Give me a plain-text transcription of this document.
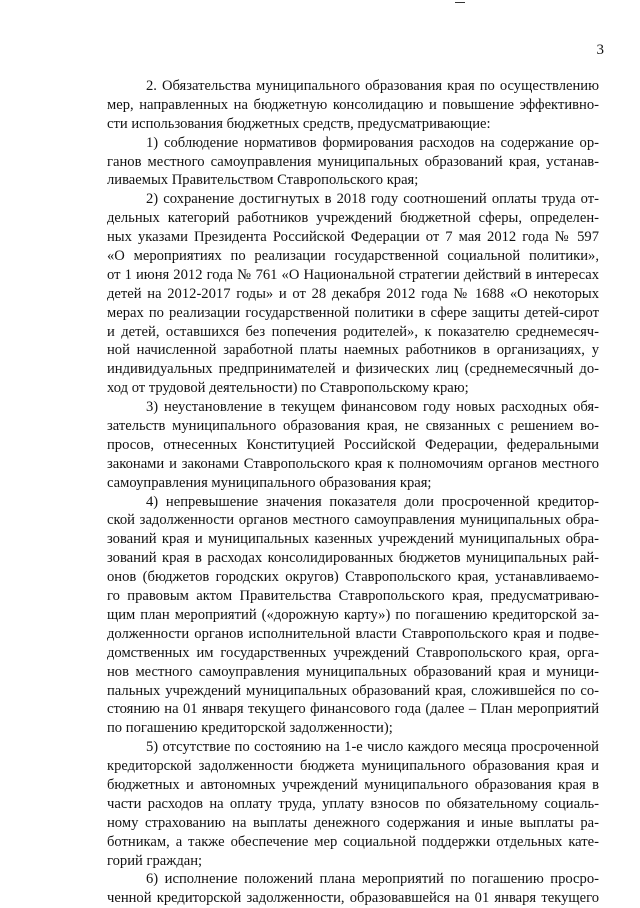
3
2. Обязательства муниципального образования края по осуществлению
мер, направленных на бюджетную консолидацию и повышение эффективно-
сти использования бюджетных средств, предусматривающие:
1) соблюдение нормативов формирования расходов на содержание ор-
ганов местного самоуправления муниципальных образований края, устанав-
ливаемых Правительством Ставропольского края;
2) сохранение достигнутых в 2018 году соотношений оплаты труда от-
дельных категорий работников учреждений бюджетной сферы, определен-
ных указами Президента Российской Федерации от 7 мая 2012 года № 597
«О мероприятиях по реализации государственной социальной политики»,
от 1 июня 2012 года № 761 «О Национальной стратегии действий в интересах
детей на 2012-2017 годы» и от 28 декабря 2012 года № 1688 «О некоторых
мерах по реализации государственной политики в сфере защиты детей-сирот
и детей, оставшихся без попечения родителей», к показателю среднемесяч-
ной начисленной заработной платы наемных работников в организациях, у
индивидуальных предпринимателей и физических лиц (среднемесячный до-
ход от трудовой деятельности) по Ставропольскому краю;
3) неустановление в текущем финансовом году новых расходных обя-
зательств муниципального образования края, не связанных с решением во-
просов, отнесенных Конституцией Российской Федерации, федеральными
законами и законами Ставропольского края к полномочиям органов местного
самоуправления муниципального образования края;
4) непревышение значения показателя доли просроченной кредитор-
ской задолженности органов местного самоуправления муниципальных обра-
зований края и муниципальных казенных учреждений муниципальных обра-
зований края в расходах консолидированных бюджетов муниципальных рай-
онов (бюджетов городских округов) Ставропольского края, устанавливаемо-
го правовым актом Правительства Ставропольского края, предусматриваю-
щим план мероприятий («дорожную карту») по погашению кредиторской за-
долженности органов исполнительной власти Ставропольского края и подве-
домственных им государственных учреждений Ставропольского края, орга-
нов местного самоуправления муниципальных образований края и муници-
пальных учреждений муниципальных образований края, сложившейся по со-
стоянию на 01 января текущего финансового года (далее – План мероприятий
по погашению кредиторской задолженности);
5) отсутствие по состоянию на 1-е число каждого месяца просроченной
кредиторской задолженности бюджета муниципального образования края и
бюджетных и автономных учреждений муниципального образования края в
части расходов на оплату труда, уплату взносов по обязательному социаль-
ному страхованию на выплаты денежного содержания и иные выплаты ра-
ботникам, а также обеспечение мер социальной поддержки отдельных кате-
горий граждан;
6) исполнение положений плана мероприятий по погашению просро-
ченной кредиторской задолженности, образовавшейся на 01 января текущего
